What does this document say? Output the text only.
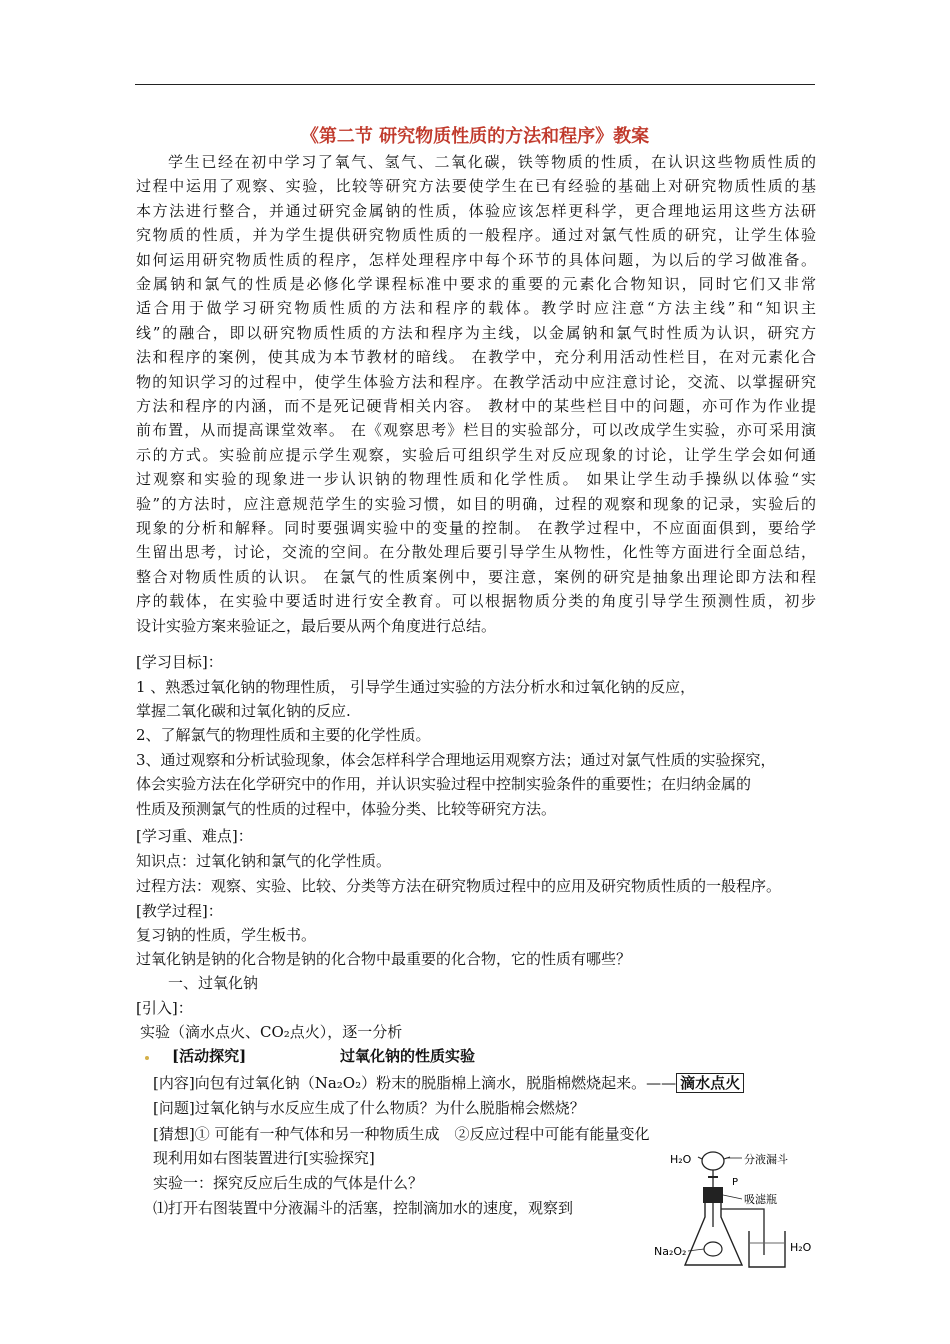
《第二节 研究物质性质的方法和程序》教案
学生已经在初中学习了氧气、氢气、二氧化碳，铁等物质的性质，在认识这些物质性质的
过程中运用了观察、实验，比较等研究方法要使学生在已有经验的基础上对研究物质性质的基
本方法进行整合，并通过研究金属钠的性质，体验应该怎样更科学，更合理地运用这些方法研
究物质的性质，并为学生提供研究物质性质的一般程序。通过对氯气性质的研究，让学生体验
如何运用研究物质性质的程序，怎样处理程序中每个环节的具体问题，为以后的学习做准备。
金属钠和氯气的性质是必修化学课程标准中要求的重要的元素化合物知识，同时它们又非常
适合用于做学习研究物质性质的方法和程序的载体。教学时应注意“方法主线”和“知识主
线”的融合，即以研究物质性质的方法和程序为主线，以金属钠和氯气时性质为认识，研究方
法和程序的案例，使其成为本节教材的暗线。 在教学中，充分利用活动性栏目，在对元素化合
物的知识学习的过程中，使学生体验方法和程序。在教学活动中应注意讨论，交流、以掌握研究
方法和程序的内涵，而不是死记硬背相关内容。 教材中的某些栏目中的问题，亦可作为作业提
前布置，从而提高课堂效率。 在《观察思考》栏目的实验部分，可以改成学生实验，亦可采用演
示的方式。实验前应提示学生观察，实验后可组织学生对反应现象的讨论，让学生学会如何通
过观察和实验的现象进一步认识钠的物理性质和化学性质。 如果让学生动手操纵以体验“实
验”的方法时，应注意规范学生的实验习惯，如目的明确，过程的观察和现象的记录，实验后的
现象的分析和解释。同时要强调实验中的变量的控制。 在教学过程中，不应面面俱到，要给学
生留出思考，讨论，交流的空间。在分散处理后要引导学生从物性，化性等方面进行全面总结，
整合对物质性质的认识。 在氯气的性质案例中，要注意，案例的研究是抽象出理论即方法和程
序的载体，在实验中要适时进行安全教育。可以根据物质分类的角度引导学生预测性质，初步
设计实验方案来验证之，最后要从两个角度进行总结。
[学习目标]：
1 、熟悉过氧化钠的物理性质， 引导学生通过实验的方法分析水和过氧化钠的反应，
掌握二氧化碳和过氧化钠的反应.
2、了解氯气的物理性质和主要的化学性质。
3、通过观察和分析试验现象，体会怎样科学合理地运用观察方法；通过对氯气性质的实验探究，
体会实验方法在化学研究中的作用，并认识实验过程中控制实验条件的重要性；在归纳金属的
性质及预测氯气的性质的过程中，体验分类、比较等研究方法。
[学习重、难点]：
知识点：过氧化钠和氯气的化学性质。
过程方法：观察、实验、比较、分类等方法在研究物质过程中的应用及研究物质性质的一般程序。
[教学过程]：
复习钠的性质，学生板书。
过氧化钠是钠的化合物是钠的化合物中最重要的化合物，它的性质有哪些？
一、过氧化钠
[引入]：
实验（滴水点火、CO₂点火），逐一分析
[活动探究]	过氧化钠的性质实验
[内容]向包有过氧化钠（Na₂O₂）粉末的脱脂棉上滴水，脱脂棉燃烧起来。—— 滴水点火
[问题]过氧化钠与水反应生成了什么物质？为什么脱脂棉会燃烧？
[猜想]① 可能有一种气体和另一种物质生成　②反应过程中可能有能量变化
现利用如右图装置进行[实验探究]
实验一：探究反应后生成的气体是什么？
⑴打开右图装置中分液漏斗的活塞，控制滴加水的速度，观察到
H₂O	分液漏斗
P
吸滤瓶
Na₂O₂	H₂O
